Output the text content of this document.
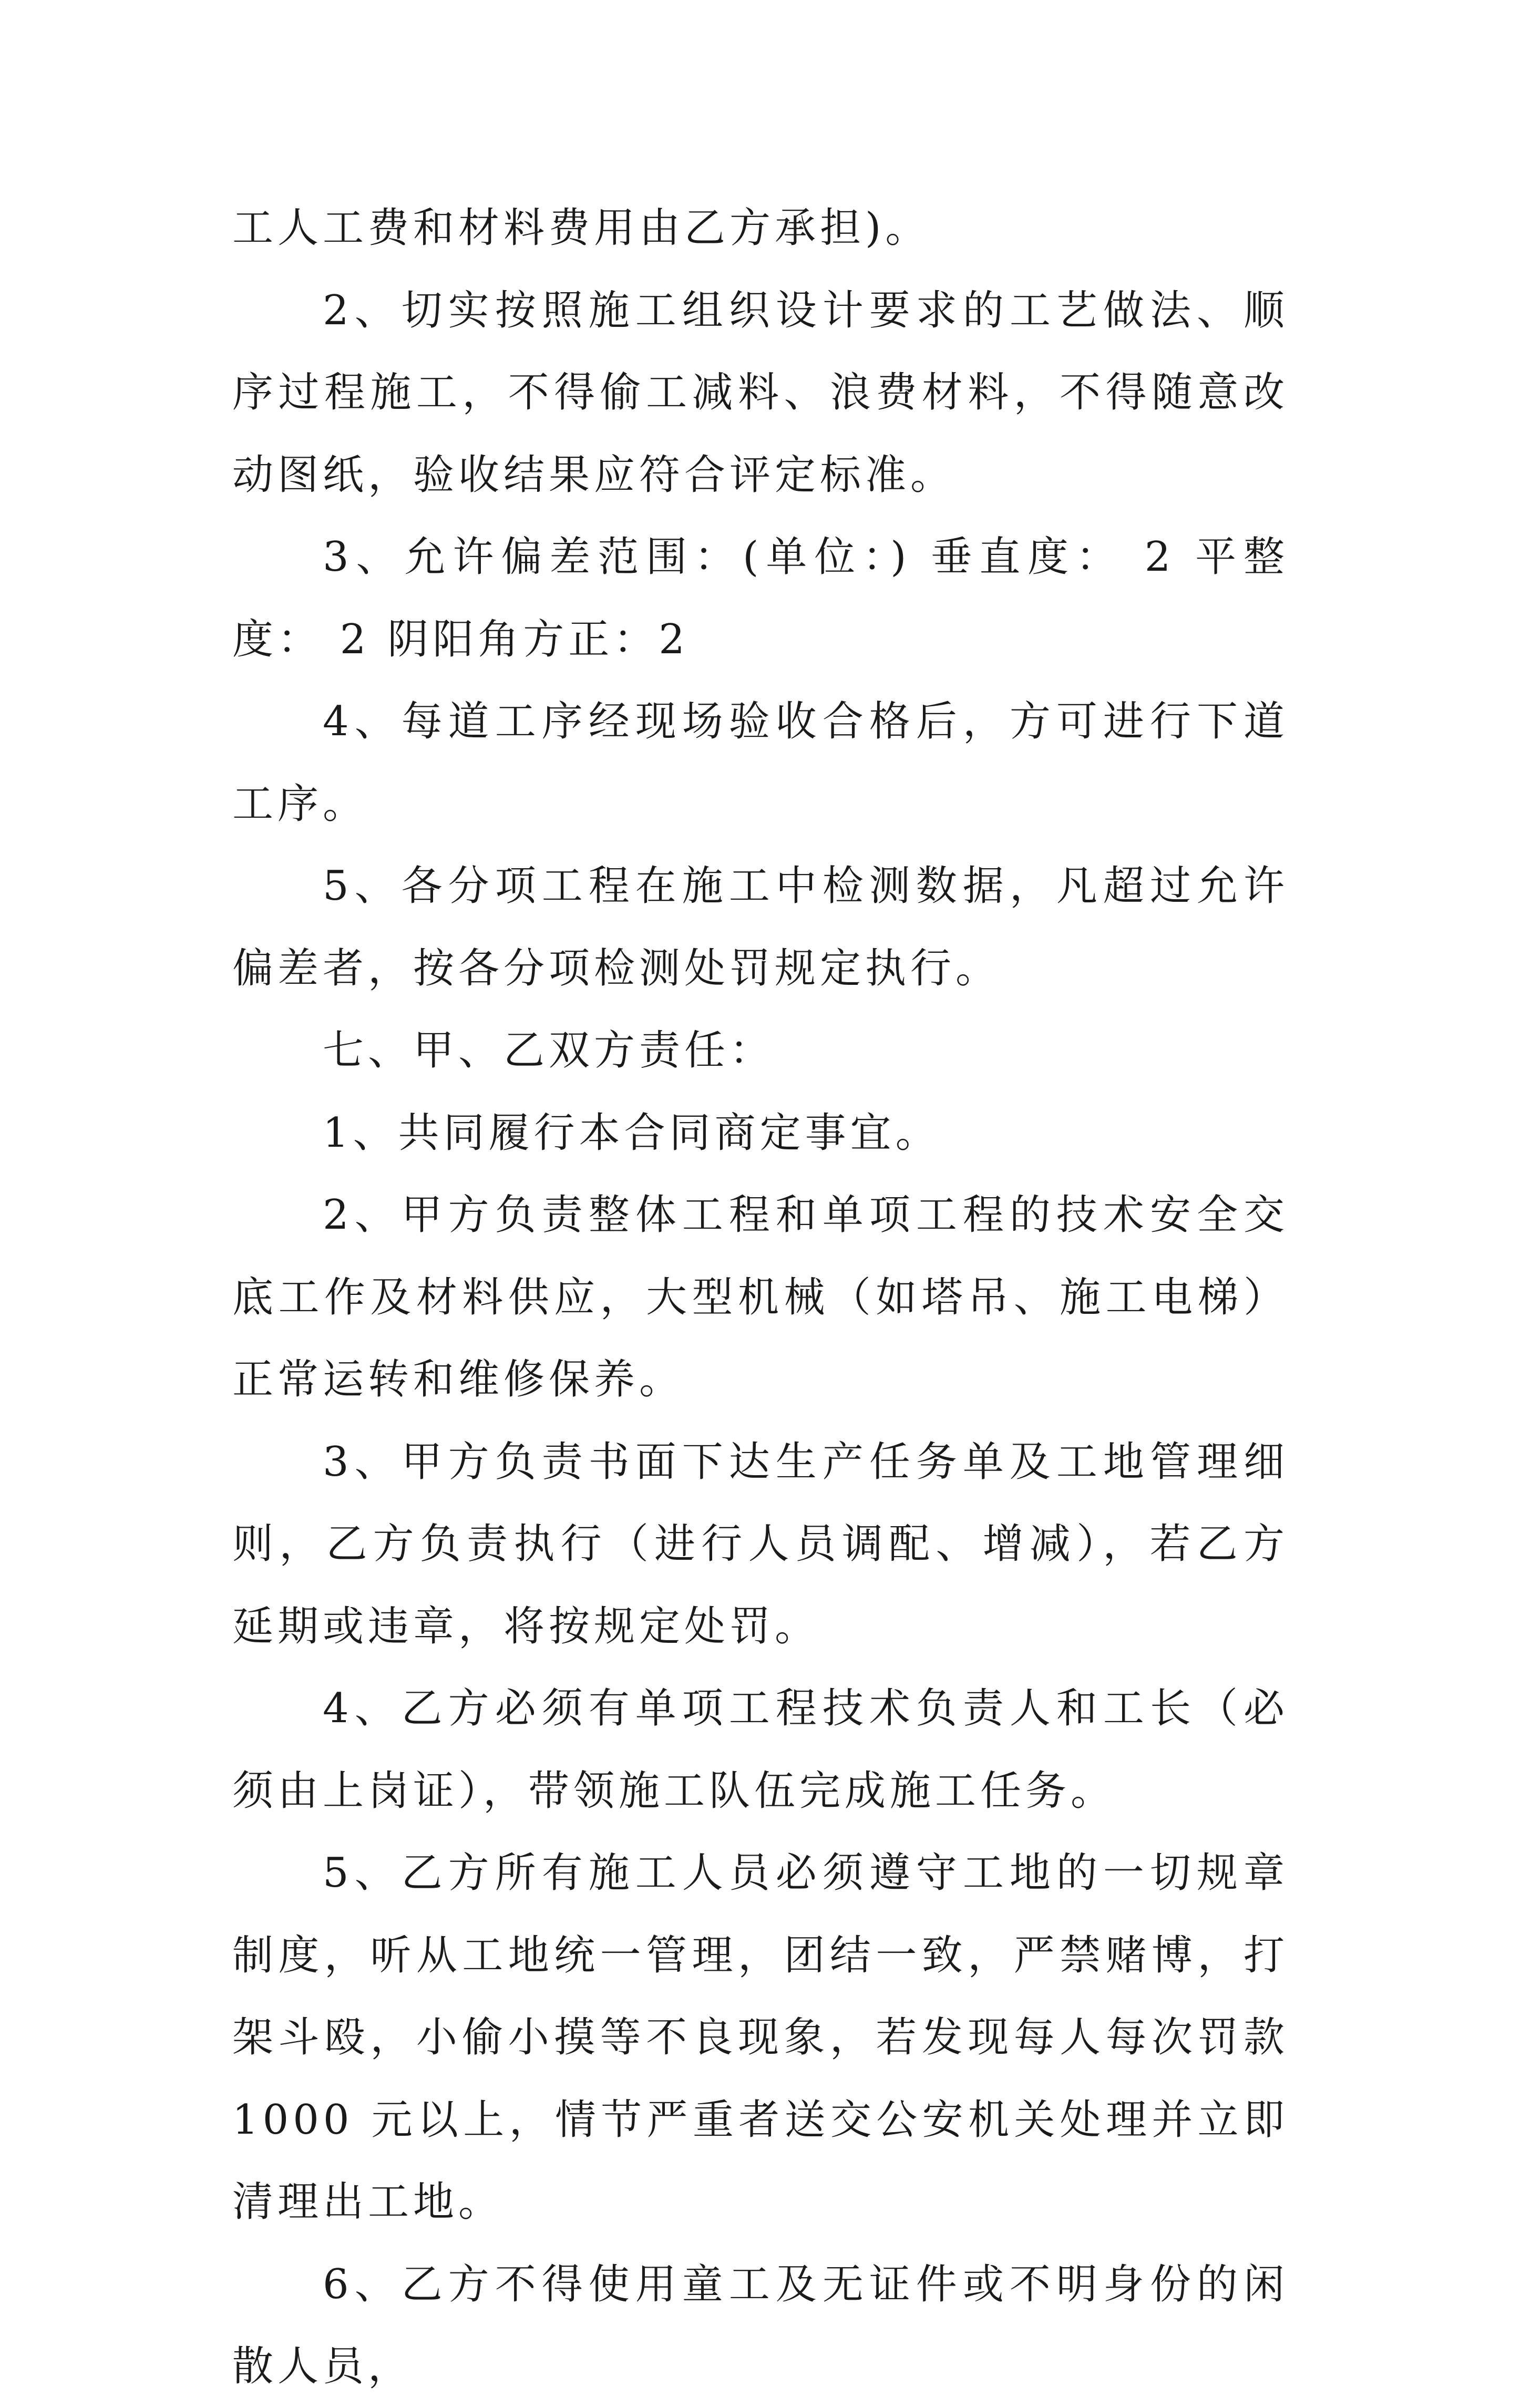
工人工费和材料费用由乙方承担)。

2、切实按照施工组织设计要求的工艺做法、顺序过程施工，不得偷工减料、浪费材料，不得随意改动图纸，验收结果应符合评定标准。

3、允许偏差范围：(单位：) 垂直度： 2 平整度： 2 阴阳角方正：2

4、每道工序经现场验收合格后，方可进行下道工序。

5、各分项工程在施工中检测数据，凡超过允许偏差者，按各分项检测处罚规定执行。

七、甲、乙双方责任：

1、共同履行本合同商定事宜。

2、甲方负责整体工程和单项工程的技术安全交底工作及材料供应，大型机械（如塔吊、施工电梯）正常运转和维修保养。

3、甲方负责书面下达生产任务单及工地管理细则，乙方负责执行（进行人员调配、增减），若乙方延期或违章，将按规定处罚。

4、乙方必须有单项工程技术负责人和工长（必须由上岗证），带领施工队伍完成施工任务。

5、乙方所有施工人员必须遵守工地的一切规章制度，听从工地统一管理，团结一致，严禁赌博，打架斗殴，小偷小摸等不良现象，若发现每人每次罚款 1000 元以上，情节严重者送交公安机关处理并立即清理出工地。

6、乙方不得使用童工及无证件或不明身份的闲散人员，
